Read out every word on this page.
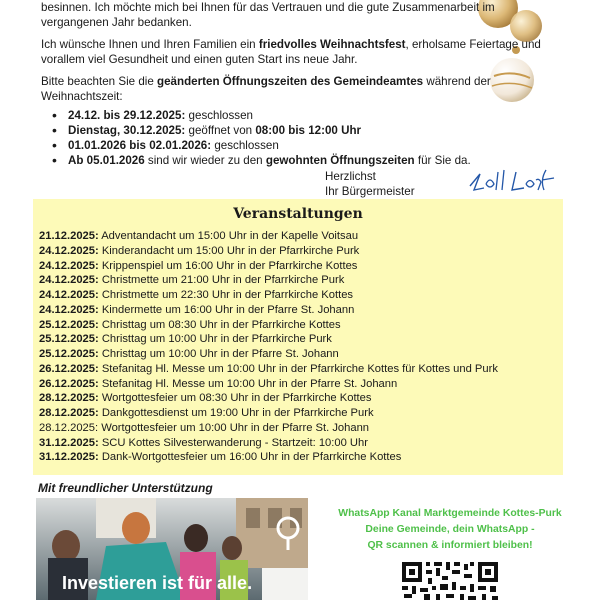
besinnen. Ich möchte mich bei Ihnen für das Vertrauen und die gute Zusammenarbeit im vergangenen Jahr bedanken.

Ich wünsche Ihnen und Ihren Familien ein friedvolles Weihnachtsfest, erholsame Feiertage und vorallem viel Gesundheit und einen guten Start ins neue Jahr.

Bitte beachten Sie die geänderten Öffnungszeiten des Gemeindeamtes während der Weihnachtszeit:

• 24.12. bis 29.12.2025: geschlossen
• Dienstag, 30.12.2025: geöffnet von 08:00 bis 12:00 Uhr
• 01.01.2026 bis 02.01.2026: geschlossen
• Ab 05.01.2026 sind wir wieder zu den gewohnten Öffnungszeiten für Sie da.
Herzlichst
Ihr Bürgermeister
Veranstaltungen
21.12.2025: Adventandacht um 15:00 Uhr in der Kapelle Voitsau
24.12.2025: Kinderandacht um 15:00 Uhr in der Pfarrkirche Purk
24.12.2025: Krippenspiel um 16:00 Uhr in der Pfarrkirche Kottes
24.12.2025: Christmette um 21:00 Uhr in der Pfarrkirche Purk
24.12.2025: Christmette um 22:30 Uhr in der Pfarrkirche Kottes
24.12.2025: Kindermette um 16:00 Uhr in der Pfarre St. Johann
25.12.2025: Christtag um 08:30 Uhr in der Pfarrkirche Kottes
25.12.2025: Christtag um 10:00 Uhr in der Pfarrkirche Purk
25.12.2025: Christtag um 10:00 Uhr in der Pfarre St. Johann
26.12.2025: Stefanitag Hl. Messe um 10:00 Uhr in der Pfarrkirche Kottes für Kottes und Purk
26.12.2025: Stefanitag Hl. Messe um 10:00 Uhr in der Pfarre St. Johann
28.12.2025: Wortgottesfeier um 08:30 Uhr in der Pfarrkirche Kottes
28.12.2025: Dankgottesdienst um 19:00 Uhr in der Pfarrkirche Purk
28.12.2025: Wortgottesfeier um 10:00 Uhr in der Pfarre St. Johann
31.12.2025: SCU Kottes Silvesterwanderung - Startzeit: 10:00 Uhr
31.12.2025: Dank-Wortgottesfeier um 16:00 Uhr in der Pfarrkirche Kottes
Mit freundlicher Unterstützung
Investieren ist für alle.
WhatsApp Kanal Marktgemeinde Kottes-Purk
Deine Gemeinde, dein WhatsApp -
QR scannen & informiert bleiben!
